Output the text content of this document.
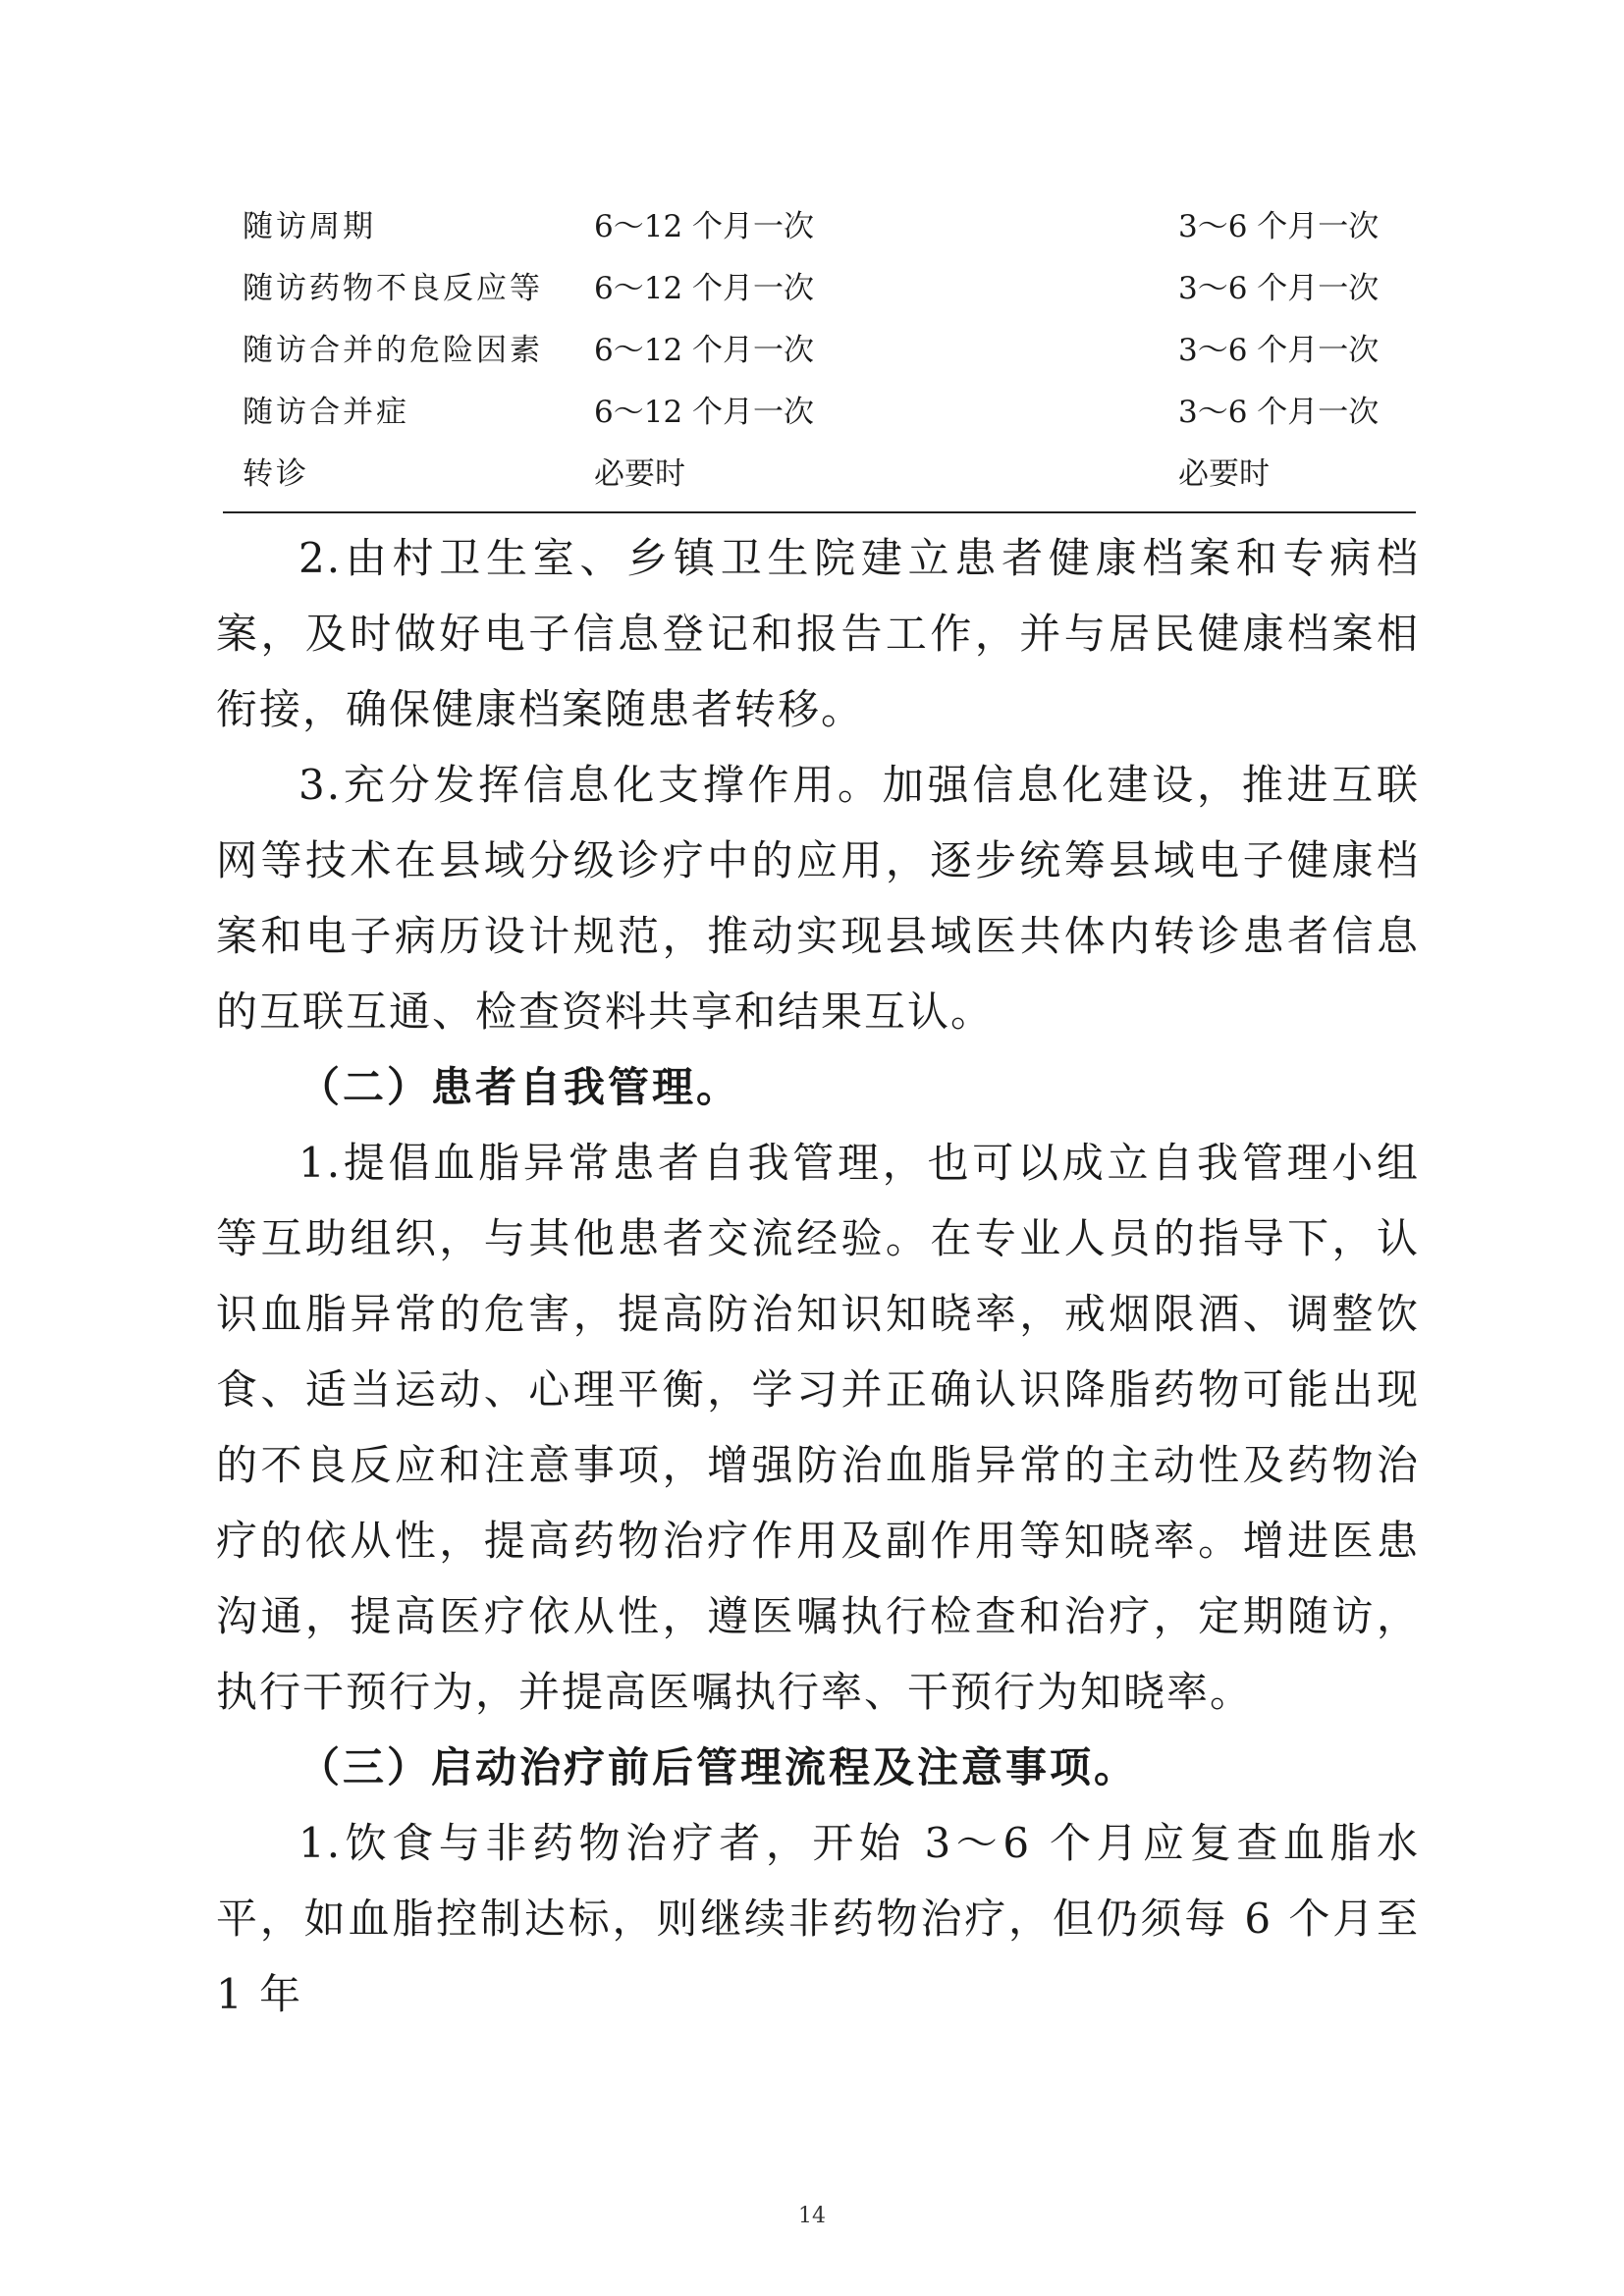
随访周期	6～12 个月一次	3～6 个月一次
随访药物不良反应等 6～12 个月一次	3～6 个月一次
随访合并的危险因素 6～12 个月一次	3～6 个月一次
随访合并症	6～12 个月一次	3～6 个月一次
转诊	必要时	必要时

2.由村卫生室、乡镇卫生院建立患者健康档案和专病档案，及时做好电子信息登记和报告工作，并与居民健康档案相衔接，确保健康档案随患者转移。

3.充分发挥信息化支撑作用。加强信息化建设，推进互联网等技术在县域分级诊疗中的应用，逐步统筹县域电子健康档案和电子病历设计规范，推动实现县域医共体内转诊患者信息的互联互通、检查资料共享和结果互认。

（二）患者自我管理。

1.提倡血脂异常患者自我管理，也可以成立自我管理小组等互助组织，与其他患者交流经验。在专业人员的指导下，认识血脂异常的危害，提高防治知识知晓率，戒烟限酒、调整饮食、适当运动、心理平衡，学习并正确认识降脂药物可能出现的不良反应和注意事项，增强防治血脂异常的主动性及药物治疗的依从性，提高药物治疗作用及副作用等知晓率。增进医患沟通，提高医疗依从性，遵医嘱执行检查和治疗，定期随访，执行干预行为，并提高医嘱执行率、干预行为知晓率。

（三）启动治疗前后管理流程及注意事项。

1.饮食与非药物治疗者，开始 3～6 个月应复查血脂水平，如血脂控制达标，则继续非药物治疗，但仍须每 6 个月至 1 年

14
